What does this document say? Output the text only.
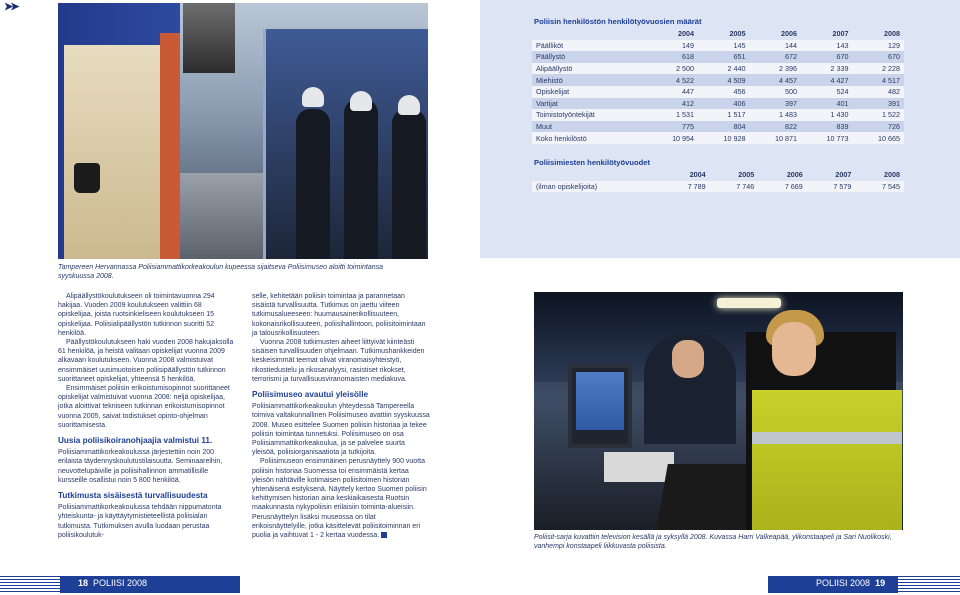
➤➤
Poliisin henkilöstön henkilötyövuosien määrät
	2004	2005	2006	2007	2008
Päälliköt	149	145	144	143	129
Päällystö	618	651	672	670	670
Alipäällystö	2 500	2 440	2 396	2 339	2 228
Miehistö	4 522	4 509	4 457	4 427	4 517
Opiskelijat	447	456	500	524	482
Vartijat	412	406	397	401	391
Toimistotyöntekijät	1 531	1 517	1 483	1 430	1 522
Muut	775	804	822	839	726
Koko henkilöstö	10 954	10 928	10 871	10 773	10 665
Poliisimiesten henkilötyövuodet
	2004	2005	2006	2007	2008
(ilman opiskelijoita)	7 789	7 746	7 669	7 579	7 545
Tampereen Hervannassa Poliisiammattikorkeakoulun kupeessa sijaitseva Poliisimuseo aloitti toimintansa syyskuussa 2008.

Alipäällystökoulutukseen oli toimintavuonna 294 hakijaa. Vuoden 2009 koulutukseen valittiin 68 opiskelijaa, joista ruotsinkieliseen koulutukseen 15 opiskelijaa. Poliisialipäällystön tutkinnon suoritti 52 henkilöä.

Päällystökoulutukseen haki vuoden 2008 hakujaksolla 61 henkilöä, ja heistä valitaan opiskelijat vuonna 2009 alkavaan koulutukseen. Vuonna 2008 valmistuivat ensimmäiset uusimuotoisen poliisipäällystön tutkinnon suorittaneet opiskelijat, yhteensä 5 henkilöä.

Ensimmäiset poliisin erikoistumisopinnot suorittaneet opiskelijat valmistuivat vuonna 2008: neljä opiskelijaa, jotka aloittivat tekniseen tutkinnan erikoistumisopinnot vuonna 2005, saivat todistukset opinto-ohjelman suorittamisesta.

Uusia poliisikoiranohjaajia valmistui 11.

Poliisiammattikorkeakoulussa järjestettiin noin 200 erilaista täydennyskoulutustilaisuutta. Seminaareihin, neuvottelupäiville ja poliisihallinnon ammatillisille kursseille osallistui noin 5 800 henkilöä.

Tutkimusta sisäisestä turvallisuudesta

Poliisiammattikorkeakoulussa tehdään nippumatonta yhteiskunta- ja käyttäytymistieteellistä poliisialan tutkimusta. Tutkimuksen avulla luodaan perustaa poliisikoulutuk-

selle, kehitetään poliisin toimintaa ja parannetaan sisäistä turvallisuutta. Tutkimus on jaettu viiteen tutkimusalueeseen: huumausainerikollisuuteen, kokonaisrikollisuuteen, poliisihallintoon, poliisitoimintaan ja talousrikollisuuteen.

Vuonna 2008 tutkimusten aiheet liittyivät kiinteästi sisäisen turvallisuuden ohjelmaan. Tutkimushankkeiden keskeisimmät teemat olivat viranomaisyhteistyö, rikostiedustelu ja rikosanalyysi, rasistiset rikokset, terrorismi ja turvallisuusviranomaisten mediakuva.

Poliisimuseo avautui yleisölle

Poliisiammattikorkeakoulun yhteydessä Tampereella toimiva valtakunnallinen Poliisimuseo avattiin syyskuussa 2008. Museo esittelee Suomen poliisin historiaa ja tekee poliisin toimintaa tunnetuksi. Poliisimuseo on osa Poliisiammattikorkeakoulua, ja se palvelee suurta yleisöä, poliisiorganisaatiota ja tutkijoita.

Poliisimuseon ensimmäinen perusnäyttely 900 vuotta poliisin historiaa Suomessa toi ensimmäistä kertaa yleisön nähtäville kotimaisen poliisitoimen historian yhtenäisenä esityksenä. Näyttely kertoo Suomen poliisin kehittymisen historian aina keskiaikaisesta Ruotsin maakunnasta nykypoliisin erilaisiin toiminta-alueisiin. Perusnäyttelyn lisäksi museossa on tilat erikoisnäyttelyille, jotka käsittelevät poliisitoiminnan eri puolia ja vaihtuvat 1 - 2 kertaa vuodessa.	Poliisit-sarja kuvattiin television kesällä ja syksyllä 2008. Kuvassa Harri Valkeapää, ylikonstaapeli ja Sari Nuolikoski, vanhempi konstaapeli liikkuvasta poliisista.
18 POLIISI 2008	POLIISI 2008 19
